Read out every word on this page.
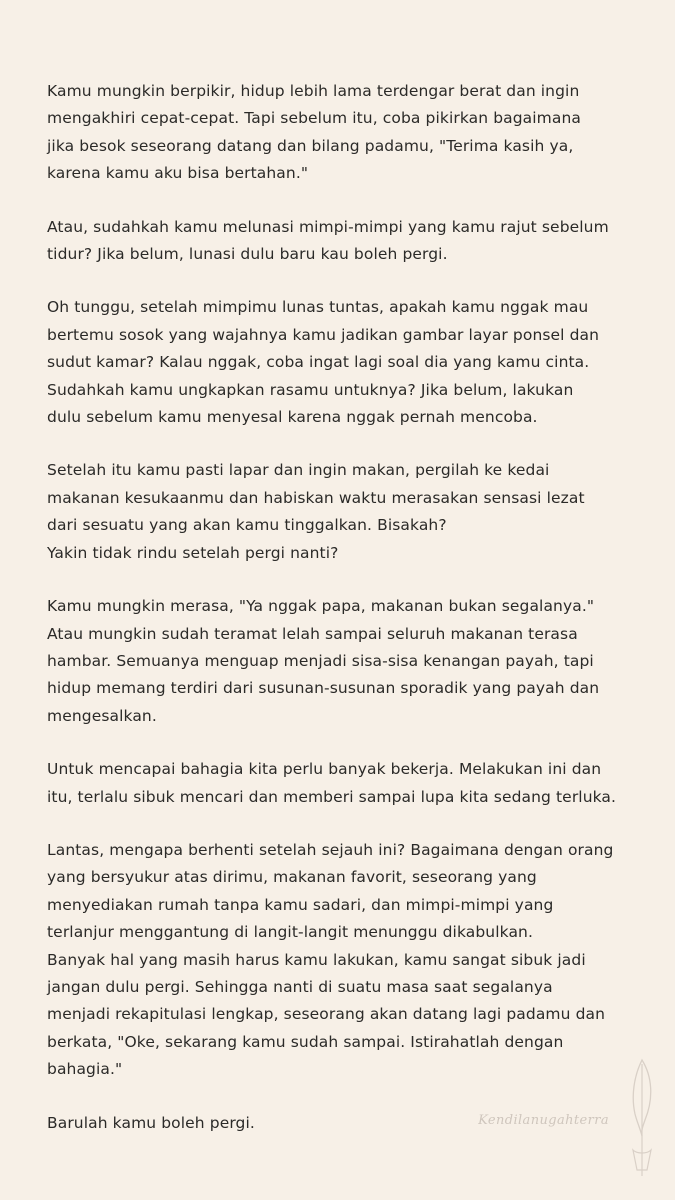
Kamu mungkin berpikir, hidup lebih lama terdengar berat dan ingin
mengakhiri cepat-cepat. Tapi sebelum itu, coba pikirkan bagaimana
jika besok seseorang datang dan bilang padamu, "Terima kasih ya,
karena kamu aku bisa bertahan."

Atau, sudahkah kamu melunasi mimpi-mimpi yang kamu rajut sebelum
tidur? Jika belum, lunasi dulu baru kau boleh pergi.

Oh tunggu, setelah mimpimu lunas tuntas, apakah kamu nggak mau
bertemu sosok yang wajahnya kamu jadikan gambar layar ponsel dan
sudut kamar? Kalau nggak, coba ingat lagi soal dia yang kamu cinta.
Sudahkah kamu ungkapkan rasamu untuknya? Jika belum, lakukan
dulu sebelum kamu menyesal karena nggak pernah mencoba.

Setelah itu kamu pasti lapar dan ingin makan, pergilah ke kedai
makanan kesukaanmu dan habiskan waktu merasakan sensasi lezat
dari sesuatu yang akan kamu tinggalkan. Bisakah?
Yakin tidak rindu setelah pergi nanti?

Kamu mungkin merasa, "Ya nggak papa, makanan bukan segalanya."
Atau mungkin sudah teramat lelah sampai seluruh makanan terasa
hambar. Semuanya menguap menjadi sisa-sisa kenangan payah, tapi
hidup memang terdiri dari susunan-susunan sporadik yang payah dan
mengesalkan.

Untuk mencapai bahagia kita perlu banyak bekerja. Melakukan ini dan
itu, terlalu sibuk mencari dan memberi sampai lupa kita sedang terluka.

Lantas, mengapa berhenti setelah sejauh ini? Bagaimana dengan orang
yang bersyukur atas dirimu, makanan favorit, seseorang yang
menyediakan rumah tanpa kamu sadari, dan mimpi-mimpi yang
terlanjur menggantung di langit-langit menunggu dikabulkan.
Banyak hal yang masih harus kamu lakukan, kamu sangat sibuk jadi
jangan dulu pergi. Sehingga nanti di suatu masa saat segalanya
menjadi rekapitulasi lengkap, seseorang akan datang lagi padamu dan
berkata, "Oke, sekarang kamu sudah sampai. Istirahatlah dengan
bahagia."

Barulah kamu boleh pergi.	Kendilanugahterra
